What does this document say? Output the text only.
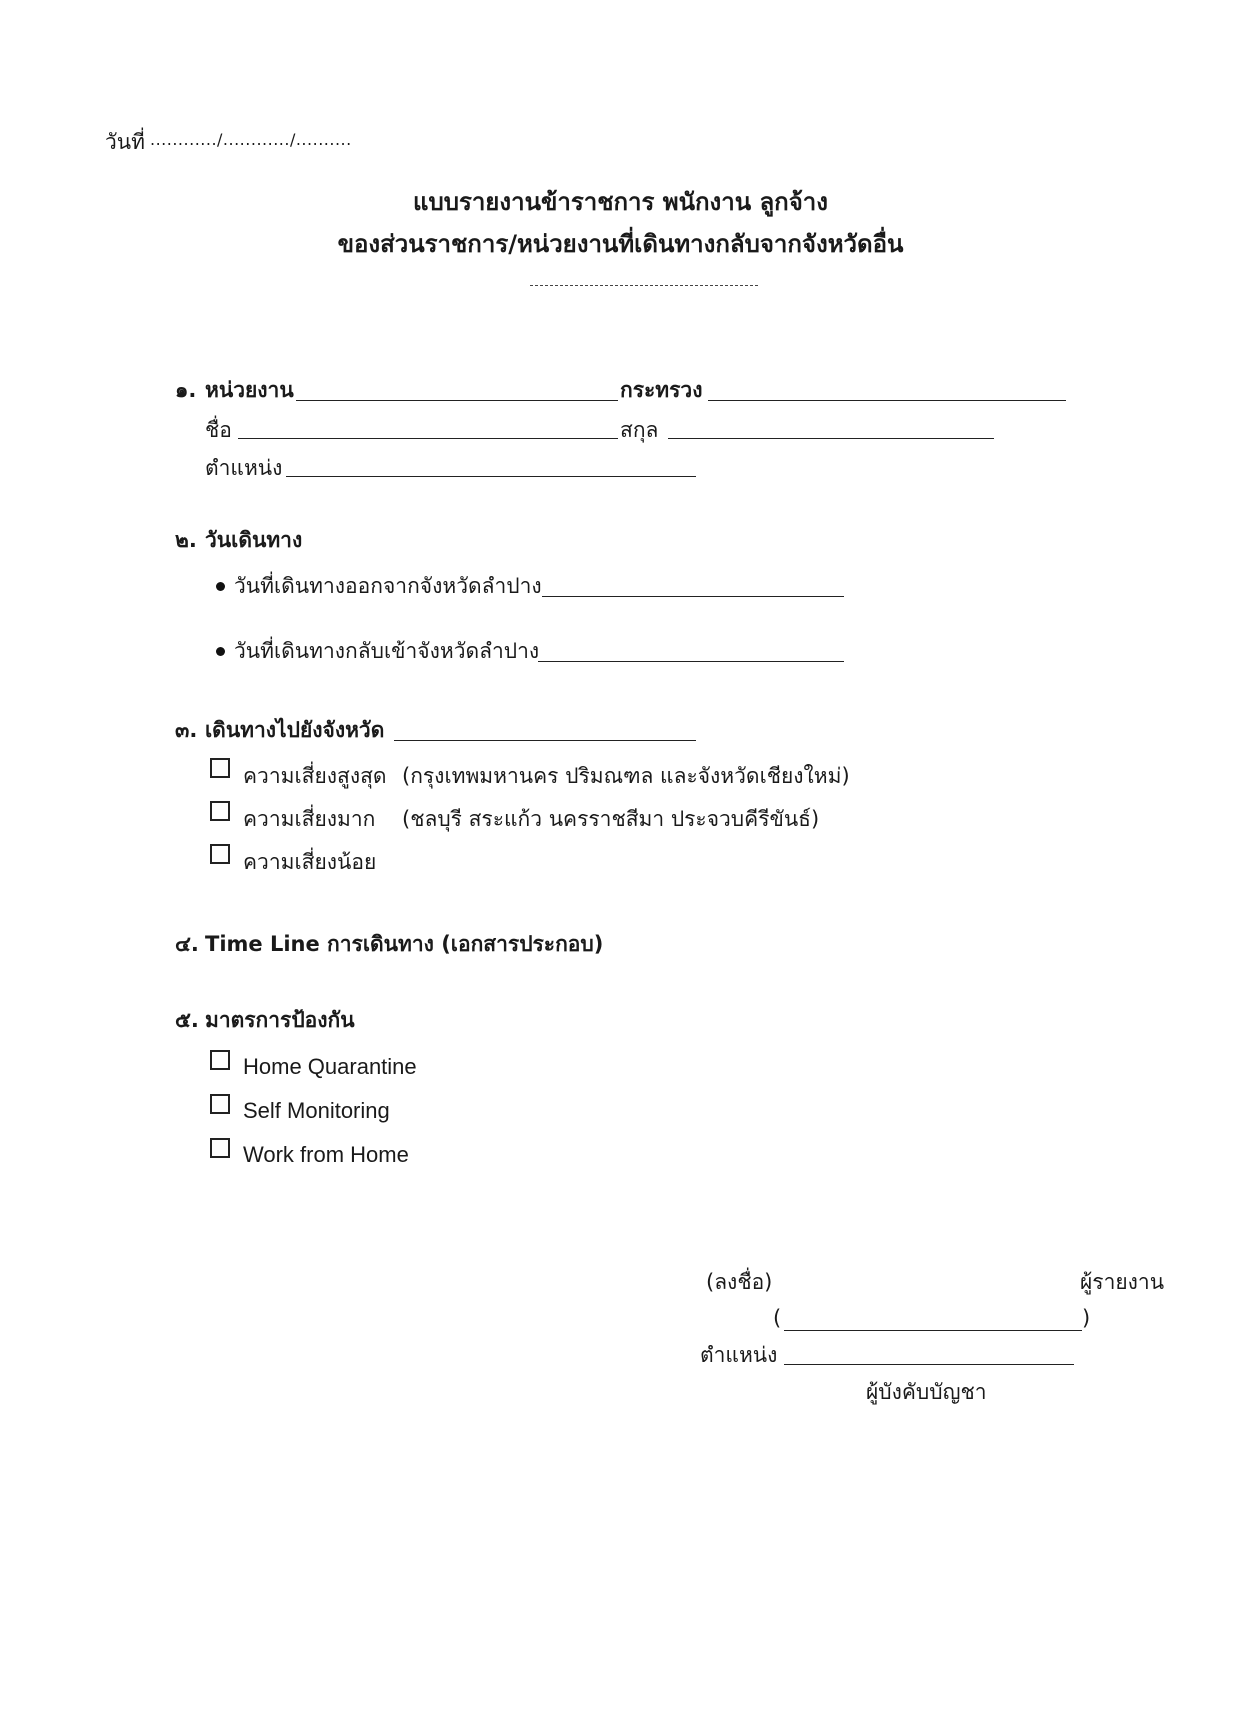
วันที่ ............/............/..........
แบบรายงานข้าราชการ พนักงาน ลูกจ้าง
ของส่วนราชการ/หน่วยงานที่เดินทางกลับจากจังหวัดอื่น
๑. หน่วยงาน	กระทรวง
ชื่อ	สกุล
ตำแหน่ง
๒. วันเดินทาง
วันที่เดินทางออกจากจังหวัดลำปาง
วันที่เดินทางกลับเข้าจังหวัดลำปาง
๓. เดินทางไปยังจังหวัด
ความเสี่ยงสูงสุด (กรุงเทพมหานคร ปริมณฑล และจังหวัดเชียงใหม่)
ความเสี่ยงมาก (ชลบุรี สระแก้ว นครราชสีมา ประจวบคีรีขันธ์)
ความเสี่ยงน้อย
๔. Time Line การเดินทาง (เอกสารประกอบ)
๕. มาตรการป้องกัน
Home Quarantine
Self Monitoring
Work from Home
(ลงชื่อ)	ผู้รายงาน
(	)
ตำแหน่ง
ผู้บังคับบัญชา
